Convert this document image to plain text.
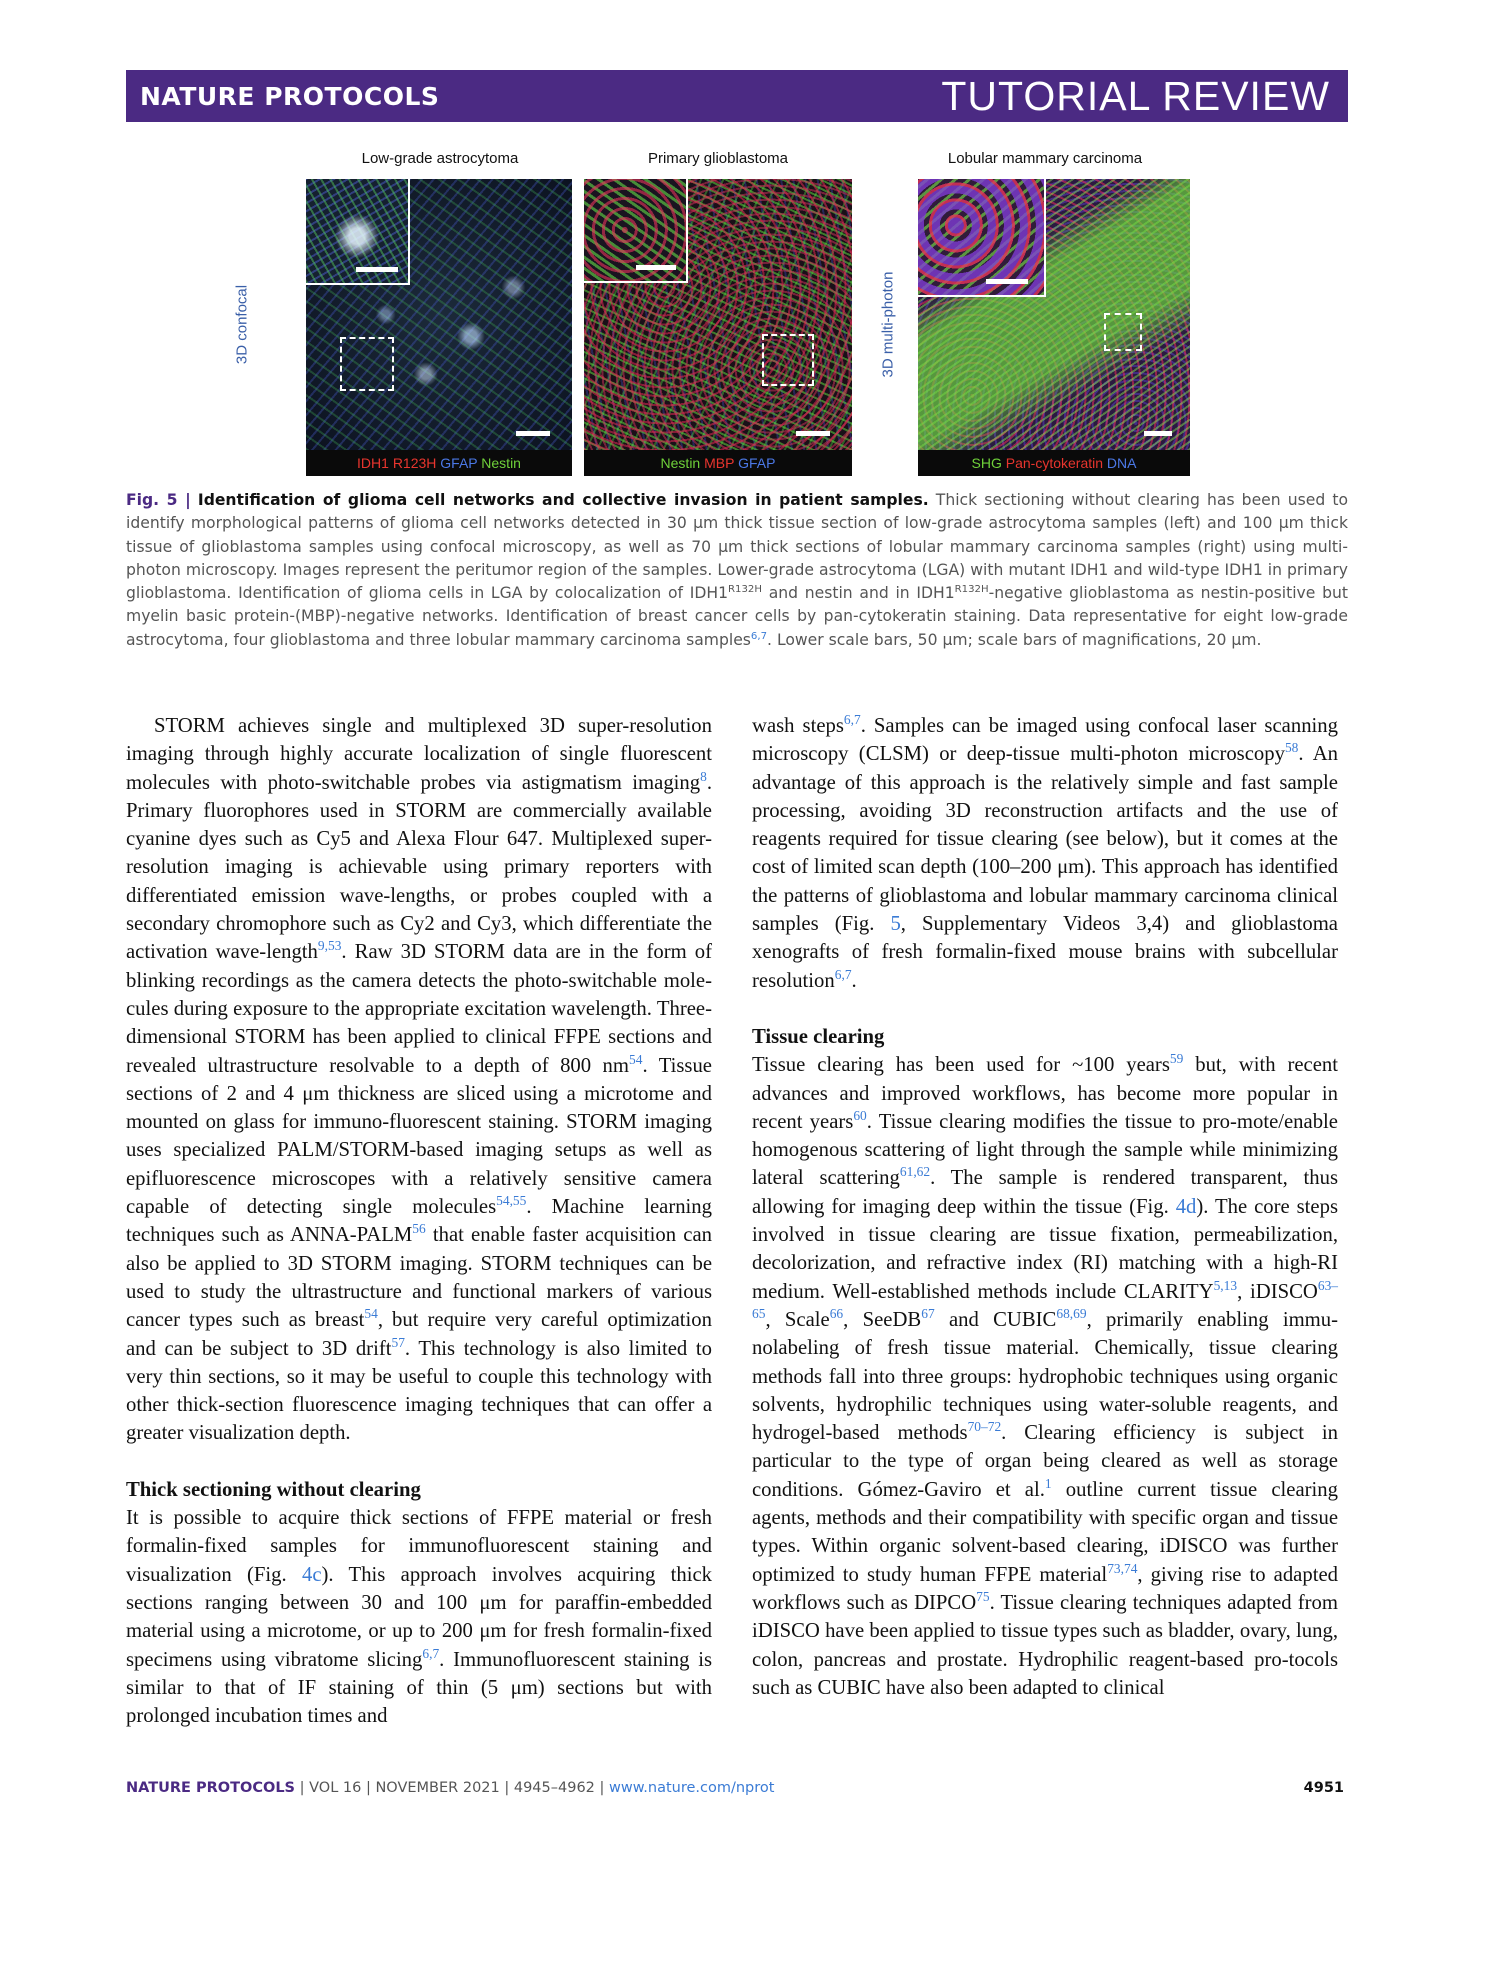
NATURE PROTOCOLS	TUTORIAL REVIEW
Low-grade astrocytoma	Primary glioblastoma	Lobular mammary carcinoma
3D confocal	3D multi-photon
IDH1 R123H GFAP Nestin	Nestin MBP GFAP	SHG Pan-cytokeratin DNA
Fig. 5 | Identification of glioma cell networks and collective invasion in patient samples. Thick sectioning without clearing has been used to identify morphological patterns of glioma cell networks detected in 30 μm thick tissue section of low-grade astrocytoma samples (left) and 100 μm thick tissue of glioblastoma samples using confocal microscopy, as well as 70 μm thick sections of lobular mammary carcinoma samples (right) using multi-photon microscopy. Images represent the peritumor region of the samples. Lower-grade astrocytoma (LGA) with mutant IDH1 and wild-type IDH1 in primary glioblastoma. Identification of glioma cells in LGA by colocalization of $IDH1^{R132H}$ and nestin and in $IDH1^{R132H}$-negative glioblastoma as nestin-positive but myelin basic protein-(MBP)-negative networks. Identification of breast cancer cells by pan-cytokeratin staining. Data representative for eight low-grade astrocytoma, four glioblastoma and three lobular mammary carcinoma samples$^{6,7}$. Lower scale bars, 50 μm; scale bars of magnifications, 20 μm.

STORM achieves single and multiplexed 3D super-resolution imaging through highly accurate localization of single fluorescent molecules with photo-switchable probes via astigmatism imaging$^8$. Primary fluorophores used in STORM are commercially available cyanine dyes such as Cy5 and Alexa Flour 647. Multiplexed super-resolution imaging is achievable using primary reporters with differentiated emission wave-lengths, or probes coupled with a secondary chromophore such as Cy2 and Cy3, which differentiate the activation wave-length$^{9,53}$. Raw 3D STORM data are in the form of blinking recordings as the camera detects the photo-switchable mole-cules during exposure to the appropriate excitation wavelength. Three-dimensional STORM has been applied to clinical FFPE sections and revealed ultrastructure resolvable to a depth of 800 nm$^{54}$. Tissue sections of 2 and 4 μm thickness are sliced using a microtome and mounted on glass for immuno-fluorescent staining. STORM imaging uses specialized PALM/STORM-based imaging setups as well as epifluorescence microscopes with a relatively sensitive camera capable of detecting single molecules$^{54,55}$. Machine learning techniques such as ANNA-PALM$^{56}$ that enable faster acquisition can also be applied to 3D STORM imaging. STORM techniques can be used to study the ultrastructure and functional markers of various cancer types such as breast$^{54}$, but require very careful optimization and can be subject to 3D drift$^{57}$. This technology is also limited to very thin sections, so it may be useful to couple this technology with other thick-section fluorescence imaging techniques that can offer a greater visualization depth.

Thick sectioning without clearing

It is possible to acquire thick sections of FFPE material or fresh formalin-fixed samples for immunofluorescent staining and visualization (Fig. 4c). This approach involves acquiring thick sections ranging between 30 and 100 μm for paraffin-embedded material using a microtome, or up to 200 μm for fresh formalin-fixed specimens using vibratome slicing$^{6,7}$. Immunofluorescent staining is similar to that of IF staining of thin (5 μm) sections but with prolonged incubation times and

wash steps$^{6,7}$. Samples can be imaged using confocal laser scanning microscopy (CLSM) or deep-tissue multi-photon microscopy$^{58}$. An advantage of this approach is the relatively simple and fast sample processing, avoiding 3D reconstruction artifacts and the use of reagents required for tissue clearing (see below), but it comes at the cost of limited scan depth (100–200 μm). This approach has identified the patterns of glioblastoma and lobular mammary carcinoma clinical samples (Fig. 5, Supplementary Videos 3,4) and glioblastoma xenografts of fresh formalin-fixed mouse brains with subcellular resolution$^{6,7}$.

Tissue clearing

Tissue clearing has been used for ~100 years$^{59}$ but, with recent advances and improved workflows, has become more popular in recent years$^{60}$. Tissue clearing modifies the tissue to pro-mote/enable homogenous scattering of light through the sample while minimizing lateral scattering$^{61,62}$. The sample is rendered transparent, thus allowing for imaging deep within the tissue (Fig. 4d). The core steps involved in tissue clearing are tissue fixation, permeabilization, decolorization, and refractive index (RI) matching with a high-RI medium. Well-established methods include CLARITY$^{5,13}$, iDISCO$^{63-65}$, Scale$^{66}$, SeeDB$^{67}$ and CUBIC$^{68,69}$, primarily enabling immu-nolabeling of fresh tissue material. Chemically, tissue clearing methods fall into three groups: hydrophobic techniques using organic solvents, hydrophilic techniques using water-soluble reagents, and hydrogel-based methods$^{70-72}$. Clearing efficiency is subject in particular to the type of organ being cleared as well as storage conditions. Gómez-Gaviro et al.$^1$ outline current tissue clearing agents, methods and their compatibility with specific organ and tissue types. Within organic solvent-based clearing, iDISCO was further optimized to study human FFPE material$^{73,74}$, giving rise to adapted workflows such as DIPCO$^{75}$. Tissue clearing techniques adapted from iDISCO have been applied to tissue types such as bladder, ovary, lung, colon, pancreas and prostate. Hydrophilic reagent-based pro-tocols such as CUBIC have also been adapted to clinical

NATURE PROTOCOLS | VOL 16 | NOVEMBER 2021 | 4945–4962 | www.nature.com/nprot	4951
